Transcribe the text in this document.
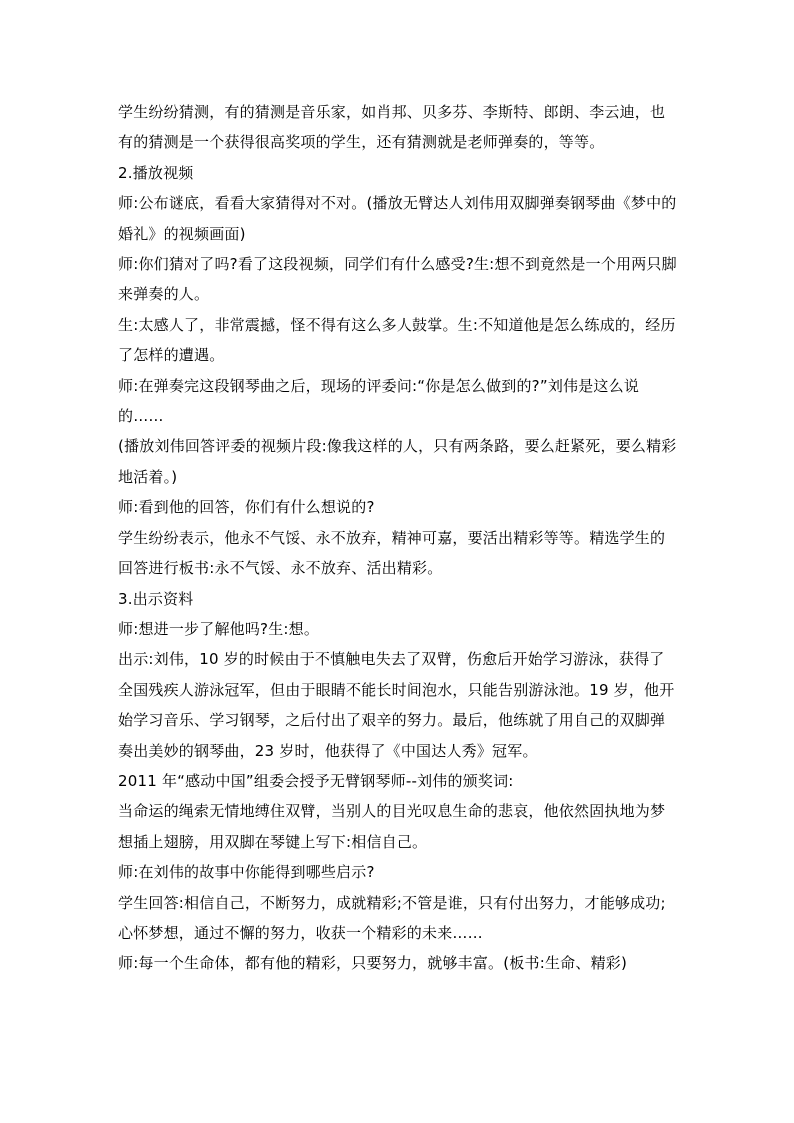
学生纷纷猜测，有的猜测是音乐家，如肖邦、贝多芬、李斯特、郎朗、李云迪，也有的猜测是一个获得很高奖项的学生，还有猜测就是老师弹奏的，等等。

2.播放视频

师:公布谜底，看看大家猜得对不对。(播放无臂达人刘伟用双脚弹奏钢琴曲《梦中的婚礼》的视频画面)

师:你们猜对了吗?看了这段视频，同学们有什么感受?生:想不到竟然是一个用两只脚来弹奏的人。

生:太感人了，非常震撼，怪不得有这么多人鼓掌。生:不知道他是怎么练成的，经历了怎样的遭遇。

师:在弹奏完这段钢琴曲之后，现场的评委问:“你是怎么做到的?”刘伟是这么说的……

(播放刘伟回答评委的视频片段:像我这样的人，只有两条路，要么赶紧死，要么精彩地活着。)

师:看到他的回答，你们有什么想说的?

学生纷纷表示，他永不气馁、永不放弃，精神可嘉，要活出精彩等等。精选学生的回答进行板书:永不气馁、永不放弃、活出精彩。

3.出示资料

师:想进一步了解他吗?生:想。

出示:刘伟，10 岁的时候由于不慎触电失去了双臂，伤愈后开始学习游泳，获得了全国残疾人游泳冠军，但由于眼睛不能长时间泡水，只能告别游泳池。19 岁，他开始学习音乐、学习钢琴，之后付出了艰辛的努力。最后，他练就了用自己的双脚弹奏出美妙的钢琴曲，23 岁时，他获得了《中国达人秀》冠军。

2011 年“感动中国”组委会授予无臂钢琴师--刘伟的颁奖词:

当命运的绳索无情地缚住双臂，当别人的目光叹息生命的悲哀，他依然固执地为梦想插上翅膀，用双脚在琴键上写下:相信自己。

师:在刘伟的故事中你能得到哪些启示?

学生回答:相信自己，不断努力，成就精彩;不管是谁，只有付出努力，才能够成功;心怀梦想，通过不懈的努力，收获一个精彩的未来……

师:每一个生命体，都有他的精彩，只要努力，就够丰富。(板书:生命、精彩)
